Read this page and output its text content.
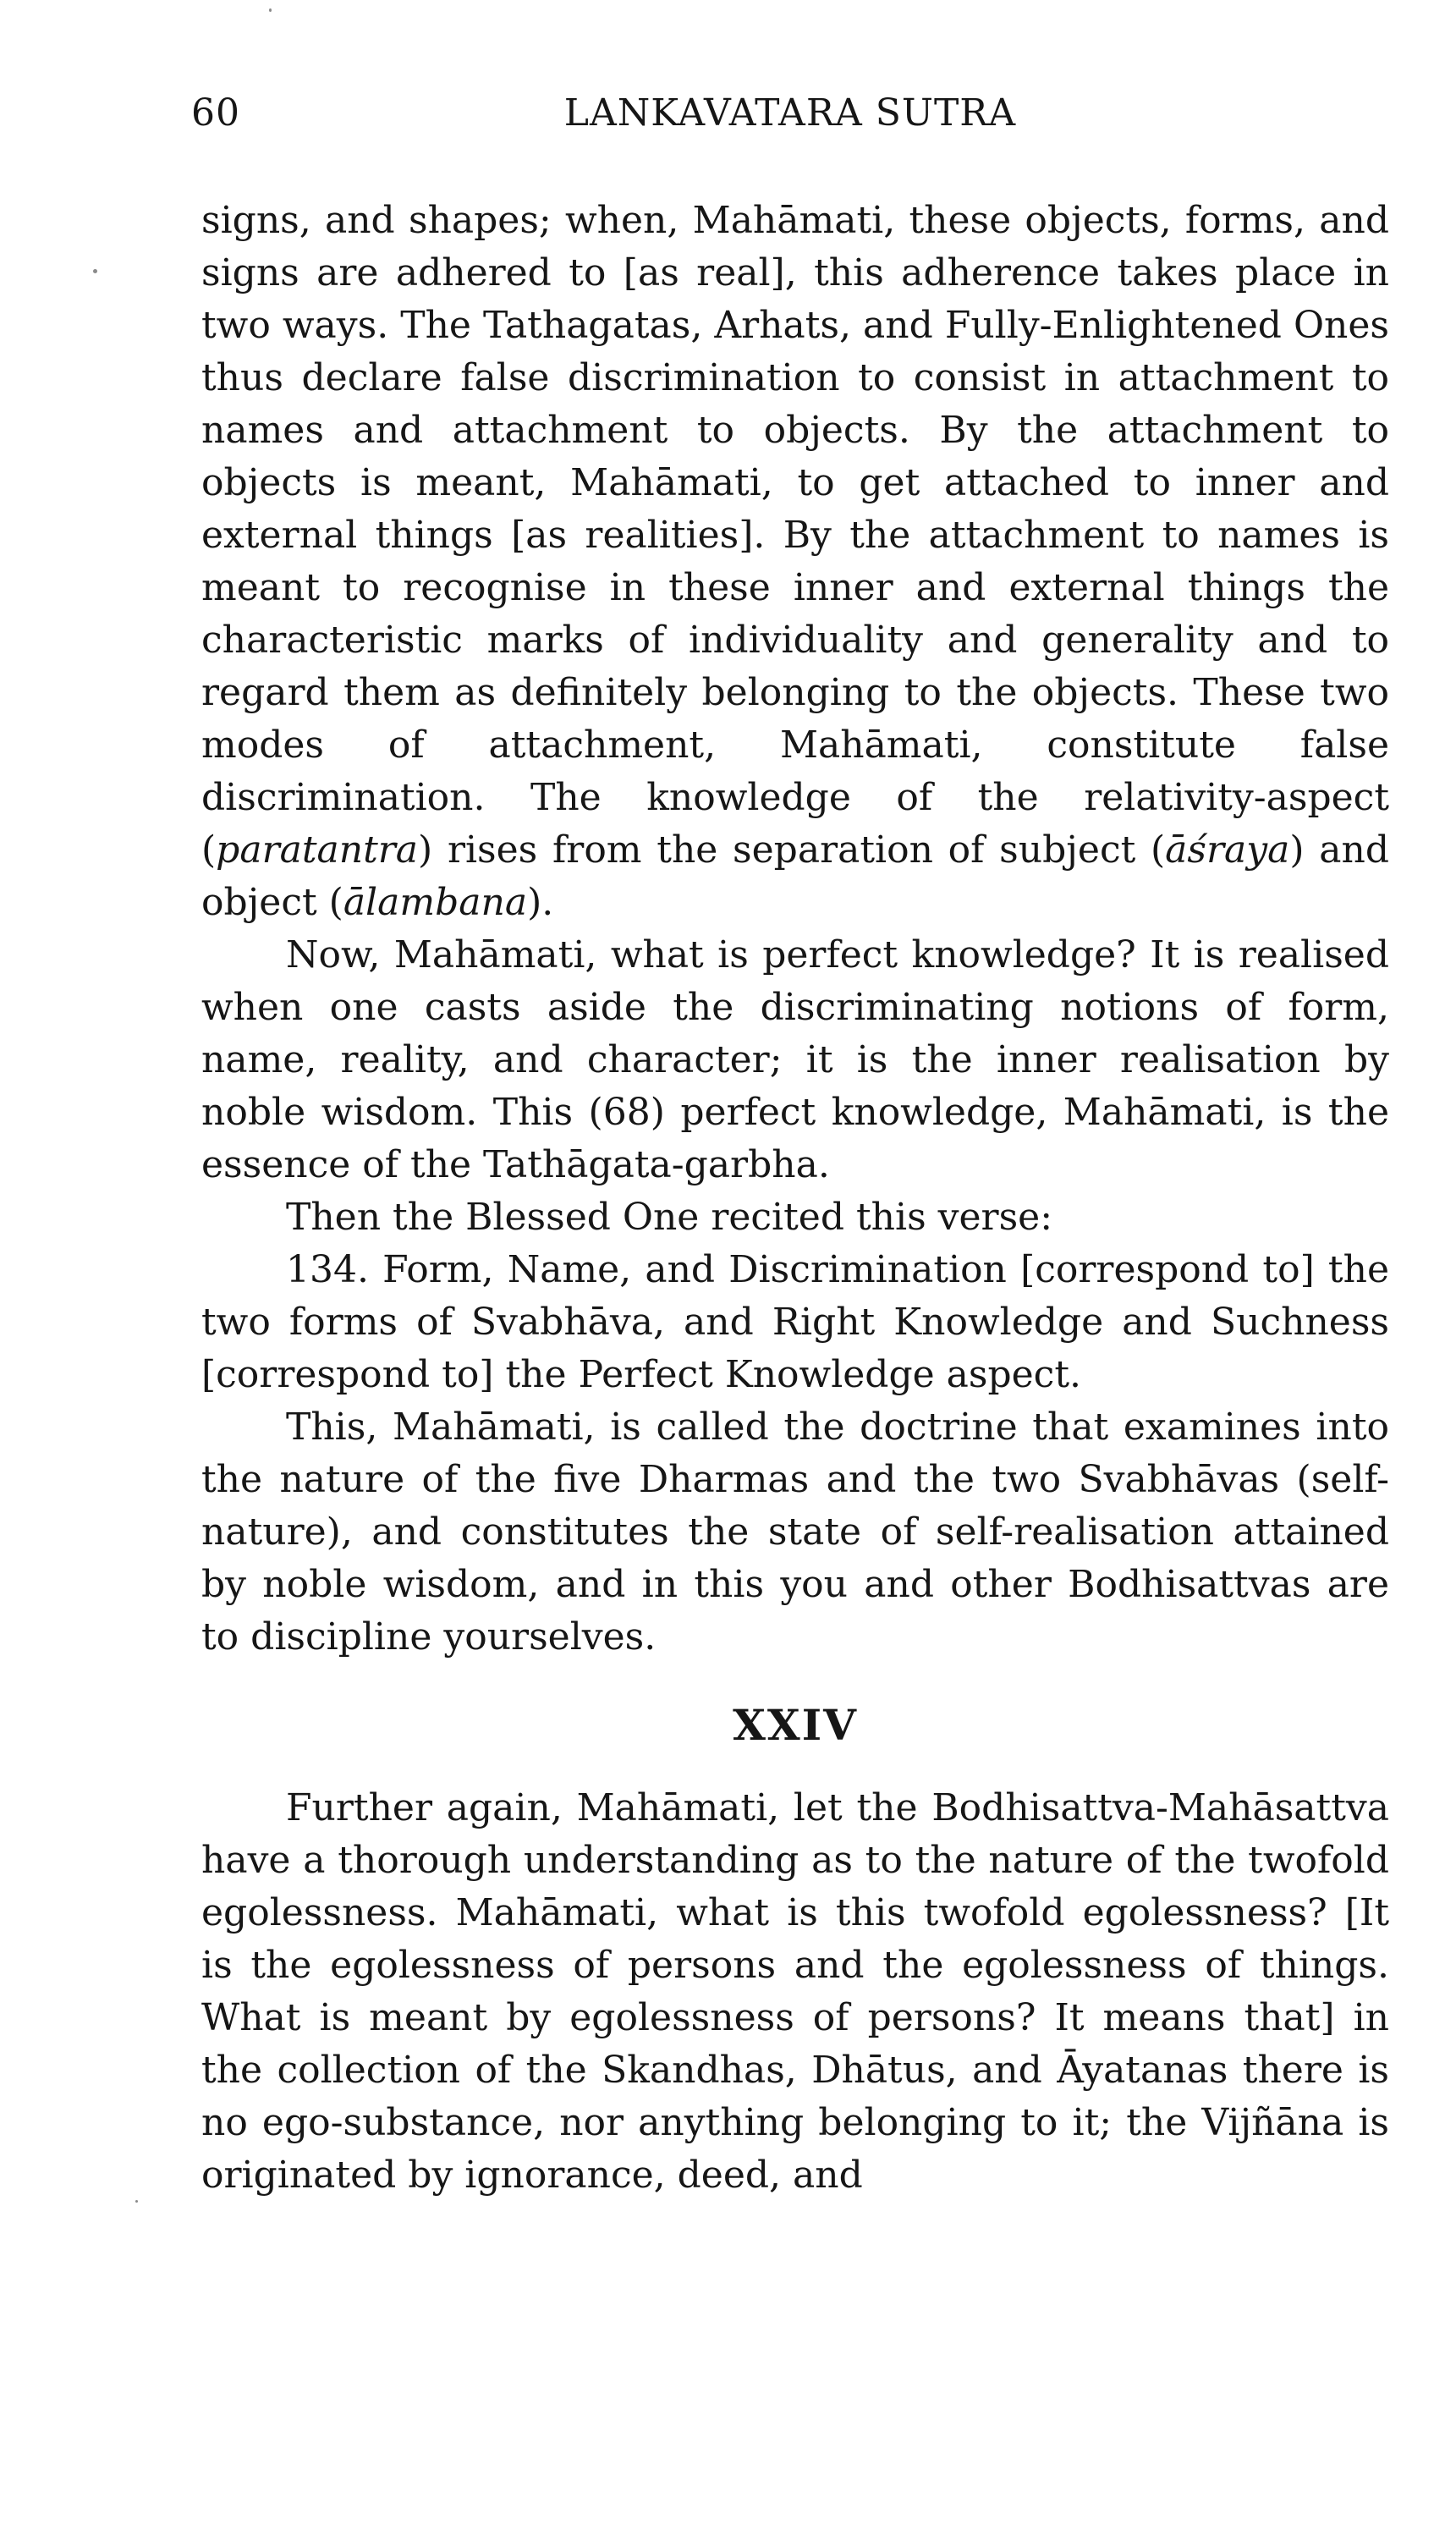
60	LANKAVATARA SUTRA

signs, and shapes; when, Mahāmati, these objects, forms, and signs are adhered to [as real], this adherence takes place in two ways. The Tathagatas, Arhats, and Fully-Enlightened Ones thus declare false discrimination to consist in attachment to names and attachment to objects. By the attachment to objects is meant, Mahāmati, to get attached to inner and external things [as realities]. By the attachment to names is meant to recognise in these inner and external things the characteristic marks of individuality and generality and to regard them as definitely belonging to the objects. These two modes of attachment, Mahāmati, constitute false discrimination. The knowledge of the relativity-aspect (paratantra) rises from the separation of subject (āśraya) and object (ālambana).

Now, Mahāmati, what is perfect knowledge? It is realised when one casts aside the discriminating notions of form, name, reality, and character; it is the inner realisation by noble wisdom. This (68) perfect knowledge, Mahāmati, is the essence of the Tathāgata-garbha.

Then the Blessed One recited this verse:

134. Form, Name, and Discrimination [correspond to] the two forms of Svabhāva, and Right Knowledge and Suchness [correspond to] the Perfect Knowledge aspect.

This, Mahāmati, is called the doctrine that examines into the nature of the five Dharmas and the two Svabhāvas (self-nature), and constitutes the state of self-realisation attained by noble wisdom, and in this you and other Bodhisattvas are to discipline yourselves.

XXIV

Further again, Mahāmati, let the Bodhisattva-Mahāsattva have a thorough understanding as to the nature of the twofold egolessness. Mahāmati, what is this twofold egolessness? [It is the egolessness of persons and the egolessness of things. What is meant by egolessness of persons? It means that] in the collection of the Skandhas, Dhātus, and Āyatanas there is no ego-substance, nor anything belonging to it; the Vijñāna is originated by ignorance, deed, and
